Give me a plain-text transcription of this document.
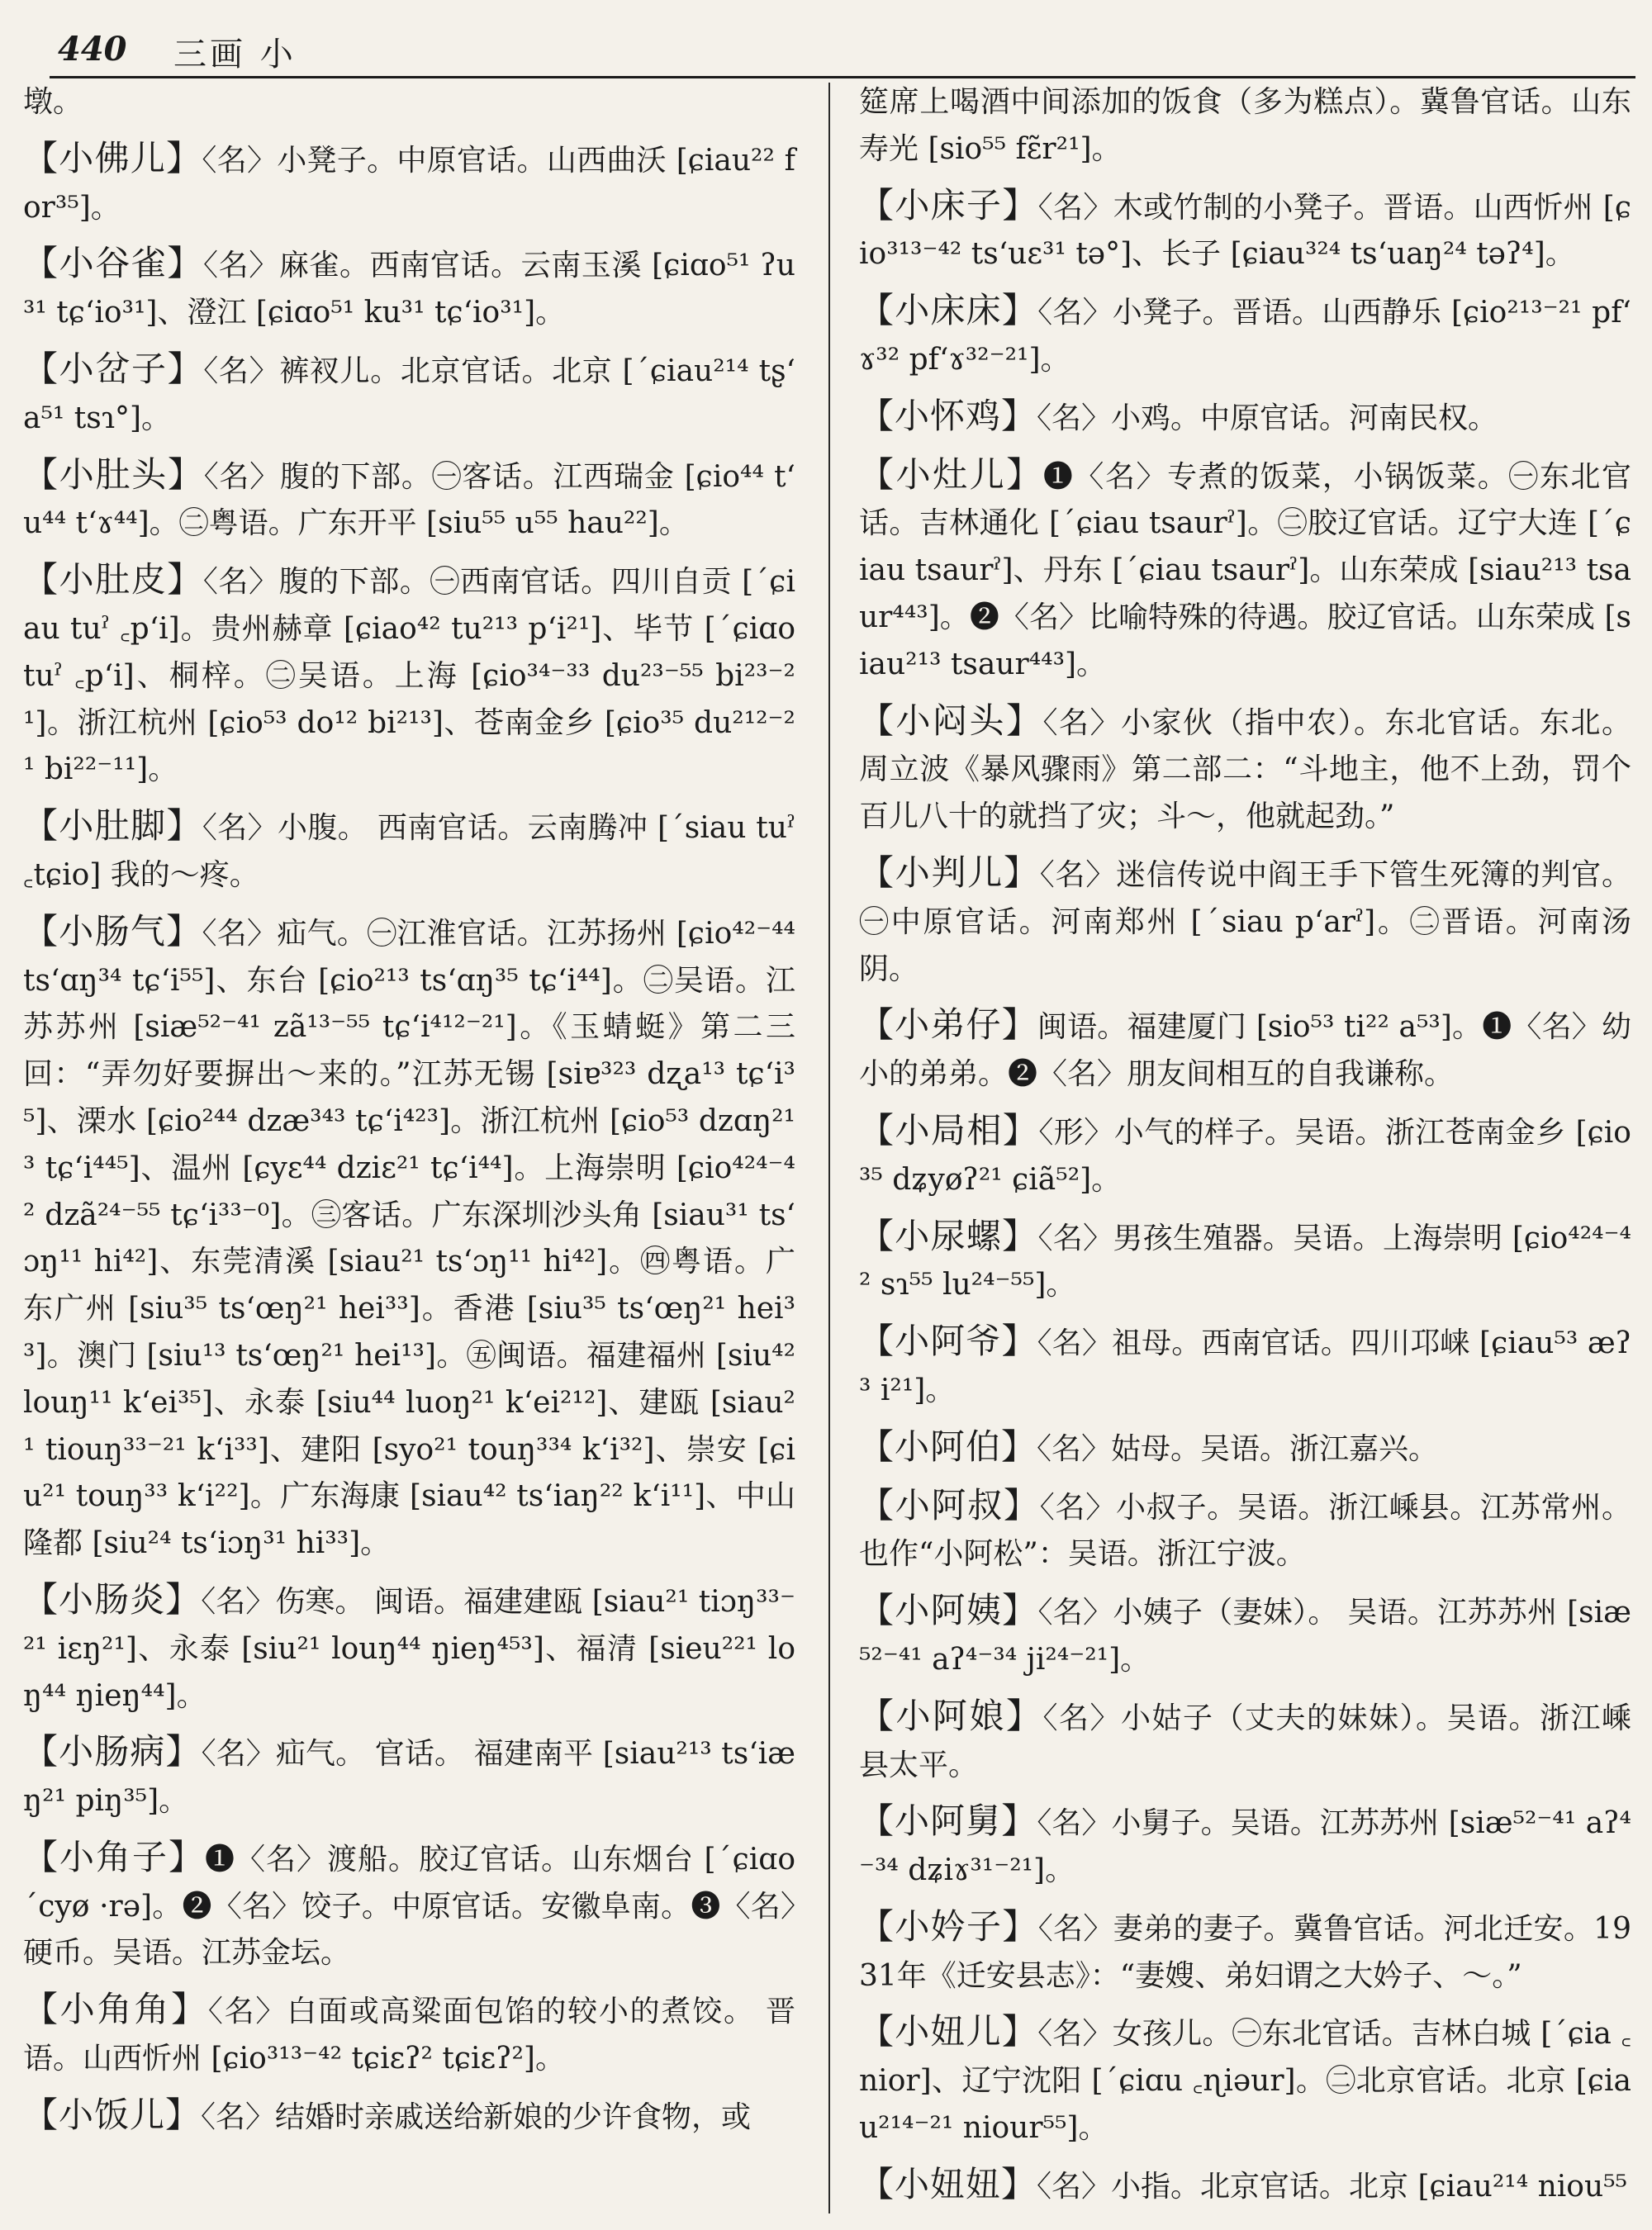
440 三画 小

墩。

【小佛儿】〈名〉小凳子。中原官话。山西曲沃 [ɕiau²² for³⁵]。

【小谷雀】〈名〉麻雀。西南官话。云南玉溪 [ɕiɑo⁵¹ ʔu³¹ tɕʻio³¹]、澄江 [ɕiɑo⁵¹ ku³¹ tɕʻio³¹]。

【小岔子】〈名〉裤衩儿。北京官话。北京 [ˊɕiau²¹⁴ tʂʻa⁵¹ tsɿ°]。

【小肚头】〈名〉腹的下部。㊀客话。江西瑞金 [ɕio⁴⁴ tʻu⁴⁴ tʻɤ⁴⁴]。㊁粤语。广东开平 [siu⁵⁵ u⁵⁵ hau²²]。

【小肚皮】〈名〉腹的下部。㊀西南官话。四川自贡 [ˊɕiau tuˀ ꜀pʻi]。贵州赫章 [ɕiao⁴² tu²¹³ pʻi²¹]、毕节 [ˊɕiɑo tuˀ ꜀pʻi]、桐梓。㊁吴语。上海 [ɕio³⁴⁻³³ du²³⁻⁵⁵ bi²³⁻²¹]。浙江杭州 [ɕio⁵³ do¹² bi²¹³]、苍南金乡 [ɕio³⁵ du²¹²⁻²¹ bi²²⁻¹¹]。

【小肚脚】〈名〉小腹。 西南官话。云南腾冲 [ˊsiau tuˀ ꜀tɕio] 我的～疼。

【小肠气】〈名〉疝气。㊀江淮官话。江苏扬州 [ɕio⁴²⁻⁴⁴ tsʻɑŋ³⁴ tɕʻi⁵⁵]、东台 [ɕio²¹³ tsʻɑŋ³⁵ tɕʻi⁴⁴]。㊁吴语。江苏苏州 [siæ⁵²⁻⁴¹ zã¹³⁻⁵⁵ tɕʻi⁴¹²⁻²¹]。《玉蜻蜓》第二三回：“弄勿好要摒出～来的。”江苏无锡 [siɐ³²³ dʐa¹³ tɕʻi³⁵]、溧水 [ɕio²⁴⁴ dzæ³⁴³ tɕʻi⁴²³]。浙江杭州 [ɕio⁵³ dzɑŋ²¹³ tɕʻi⁴⁴⁵]、温州 [ɕyɛ⁴⁴ dziɛ²¹ tɕʻi⁴⁴]。上海崇明 [ɕio⁴²⁴⁻⁴² dzã²⁴⁻⁵⁵ tɕʻi³³⁻⁰]。㊂客话。广东深圳沙头角 [siau³¹ tsʻɔŋ¹¹ hi⁴²]、东莞清溪 [siau²¹ tsʻɔŋ¹¹ hi⁴²]。㊃粤语。广东广州 [siu³⁵ tsʻœŋ²¹ hei³³]。香港 [siu³⁵ tsʻœŋ²¹ hei³³]。澳门 [siu¹³ tsʻœŋ²¹ hei¹³]。㊄闽语。福建福州 [siu⁴² louŋ¹¹ kʻei³⁵]、永泰 [siu⁴⁴ luoŋ²¹ kʻei²¹²]、建瓯 [siau²¹ tiouŋ³³⁻²¹ kʻi³³]、建阳 [syo²¹ touŋ³³⁴ kʻi³²]、崇安 [ɕiu²¹ touŋ³³ kʻi²²]。广东海康 [siau⁴² tsʻiaŋ²² kʻi¹¹]、中山隆都 [siu²⁴ tsʻiɔŋ³¹ hi³³]。

【小肠炎】〈名〉伤寒。 闽语。福建建瓯 [siau²¹ tiɔŋ³³⁻²¹ iɛŋ²¹]、永泰 [siu²¹ louŋ⁴⁴ ŋieŋ⁴⁵³]、福清 [sieu²²¹ loŋ⁴⁴ ŋieŋ⁴⁴]。

【小肠病】〈名〉疝气。 官话。 福建南平 [siau²¹³ tsʻiæŋ²¹ piŋ³⁵]。

【小角子】❶〈名〉渡船。胶辽官话。山东烟台 [ˊɕiɑo ˊcyø ·rə]。❷〈名〉饺子。中原官话。安徽阜南。❸〈名〉硬币。吴语。江苏金坛。

【小角角】〈名〉白面或高粱面包馅的较小的煮饺。 晋语。山西忻州 [ɕio³¹³⁻⁴² tɕiɛʔ² tɕiɛʔ²]。

【小饭儿】〈名〉结婚时亲戚送给新娘的少许食物，或

筵席上喝酒中间添加的饭食（多为糕点）。冀鲁官话。山东寿光 [sio⁵⁵ fɛ̃r²¹]。

【小床子】〈名〉木或竹制的小凳子。晋语。山西忻州 [ɕio³¹³⁻⁴² tsʻuɛ³¹ tə°]、长子 [ɕiau³²⁴ tsʻuaŋ²⁴ təʔ⁴]。

【小床床】〈名〉小凳子。晋语。山西静乐 [ɕio²¹³⁻²¹ pfʻɤ³² pfʻɤ³²⁻²¹]。

【小怀鸡】〈名〉小鸡。中原官话。河南民权。

【小灶儿】❶〈名〉专煮的饭菜，小锅饭菜。㊀东北官话。吉林通化 [ˊɕiau tsaurˀ]。㊁胶辽官话。辽宁大连 [ˊɕiau tsaurˀ]、丹东 [ˊɕiau tsaurˀ]。山东荣成 [siau²¹³ tsaur⁴⁴³]。❷〈名〉比喻特殊的待遇。胶辽官话。山东荣成 [siau²¹³ tsaur⁴⁴³]。

【小闷头】〈名〉小家伙（指中农）。东北官话。东北。周立波《暴风骤雨》第二部二：“斗地主，他不上劲，罚个百儿八十的就挡了灾；斗～，他就起劲。”

【小判儿】〈名〉迷信传说中阎王手下管生死簿的判官。㊀中原官话。河南郑州 [ˊsiau pʻarˀ]。㊁晋语。河南汤阴。

【小弟仔】闽语。福建厦门 [sio⁵³ ti²² a⁵³]。❶〈名〉幼小的弟弟。❷〈名〉朋友间相互的自我谦称。

【小局相】〈形〉小气的样子。吴语。浙江苍南金乡 [ɕio³⁵ dʑyøʔ²¹ ɕiã⁵²]。

【小尿螺】〈名〉男孩生殖器。吴语。上海崇明 [ɕio⁴²⁴⁻⁴² sɿ⁵⁵ lu²⁴⁻⁵⁵]。

【小阿爷】〈名〉祖母。西南官话。四川邛崃 [ɕiau⁵³ æʔ³ i²¹]。

【小阿伯】〈名〉姑母。吴语。浙江嘉兴。

【小阿叔】〈名〉小叔子。吴语。浙江嵊县。江苏常州。也作“小阿松”：吴语。浙江宁波。

【小阿姨】〈名〉小姨子（妻妹）。 吴语。江苏苏州 [siæ⁵²⁻⁴¹ aʔ⁴⁻³⁴ ji²⁴⁻²¹]。

【小阿娘】〈名〉小姑子（丈夫的妹妹）。吴语。浙江嵊县太平。

【小阿舅】〈名〉小舅子。吴语。江苏苏州 [siæ⁵²⁻⁴¹ aʔ⁴⁻³⁴ dʑiɤ³¹⁻²¹]。

【小妗子】〈名〉妻弟的妻子。冀鲁官话。河北迁安。1931年《迁安县志》：“妻嫂、弟妇谓之大妗子、～。”

【小妞儿】〈名〉女孩儿。㊀东北官话。吉林白城 [ˊɕia ꜀nior]、辽宁沈阳 [ˊɕiɑu ꜀ɳiəur]。㊁北京官话。北京 [ɕiau²¹⁴⁻²¹ niour⁵⁵]。

【小妞妞】〈名〉小指。北京官话。北京 [ɕiau²¹⁴ niou⁵⁵
